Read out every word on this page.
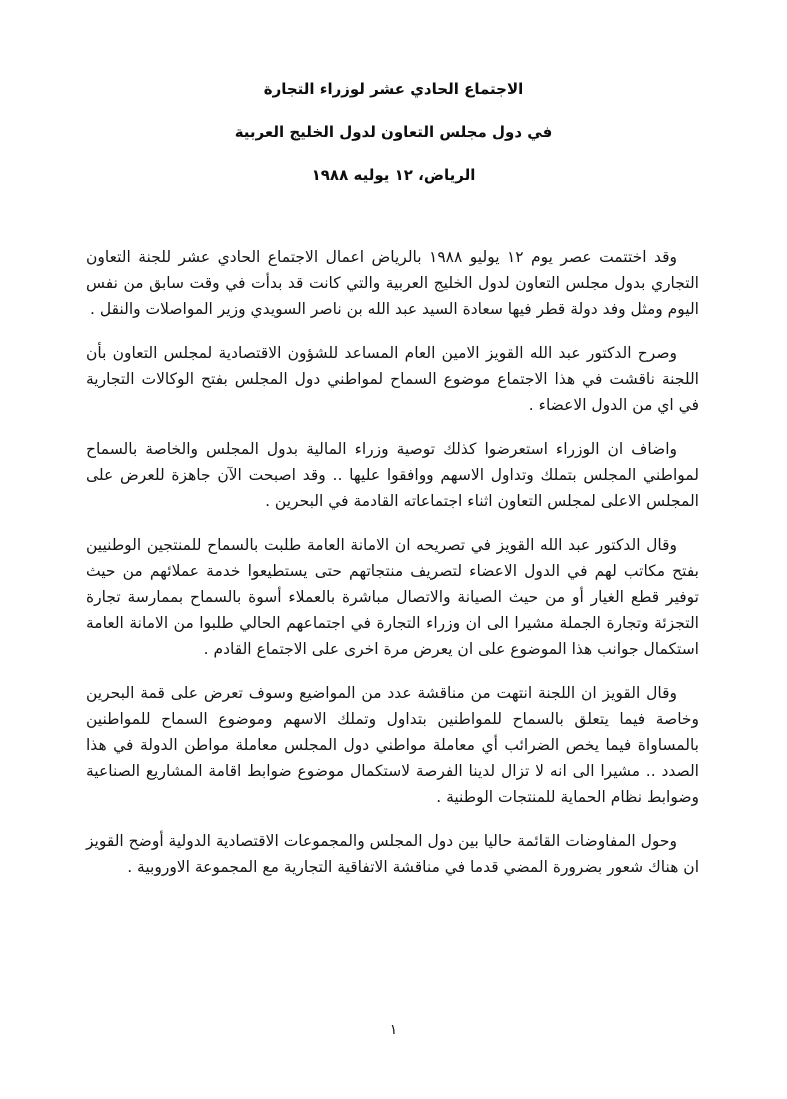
الاجتماع الحادي عشر لوزراء التجارة
في دول مجلس التعاون لدول الخليج العربية
الرياض، ١٢ يوليه ١٩٨٨

وقد اختتمت عصر يوم ١٢ يوليو ١٩٨٨ بالرياض اعمال الاجتماع الحادي عشر للجنة التعاون التجاري بدول مجلس التعاون لدول الخليج العربية والتي كانت قد بدأت في وقت سابق من نفس اليوم ومثل وفد دولة قطر فيها سعادة السيد عبد الله بن ناصر السويدي وزير المواصلات والنقل .

وصرح الدكتور عبد الله القويز الامين العام المساعد للشؤون الاقتصادية لمجلس التعاون بأن اللجنة ناقشت في هذا الاجتماع موضوع السماح لمواطني دول المجلس بفتح الوكالات التجارية في اي من الدول الاعضاء .

واضاف ان الوزراء استعرضوا كذلك توصية وزراء المالية بدول المجلس والخاصة بالسماح لمواطني المجلس بتملك وتداول الاسهم ووافقوا عليها .. وقد اصبحت الآن جاهزة للعرض على المجلس الاعلى لمجلس التعاون اثناء اجتماعاته القادمة في البحرين .

وقال الدكتور عبد الله القويز في تصريحه ان الامانة العامة طلبت بالسماح للمنتجين الوطنيين بفتح مكاتب لهم في الدول الاعضاء لتصريف منتجاتهم حتى يستطيعوا خدمة عملائهم من حيث توفير قطع الغيار أو من حيث الصيانة والاتصال مباشرة بالعملاء أسوة بالسماح بممارسة تجارة التجزئة وتجارة الجملة مشيرا الى ان وزراء التجارة في اجتماعهم الحالي طلبوا من الامانة العامة استكمال جوانب هذا الموضوع على ان يعرض مرة اخرى على الاجتماع القادم .

وقال القويز ان اللجنة انتهت من مناقشة عدد من المواضيع وسوف تعرض على قمة البحرين وخاصة فيما يتعلق بالسماح للمواطنين بتداول وتملك الاسهم وموضوع السماح للمواطنين بالمساواة فيما يخص الضرائب أي معاملة مواطني دول المجلس معاملة مواطن الدولة في هذا الصدد .. مشيرا الى انه لا تزال لدينا الفرصة لاستكمال موضوع ضوابط اقامة المشاريع الصناعية وضوابط نظام الحماية للمنتجات الوطنية .

وحول المفاوضات القائمة حاليا بين دول المجلس والمجموعات الاقتصادية الدولية أوضح القويز ان هناك شعور بضرورة المضي قدما في مناقشة الاتفاقية التجارية مع المجموعة الاوروبية .

١
